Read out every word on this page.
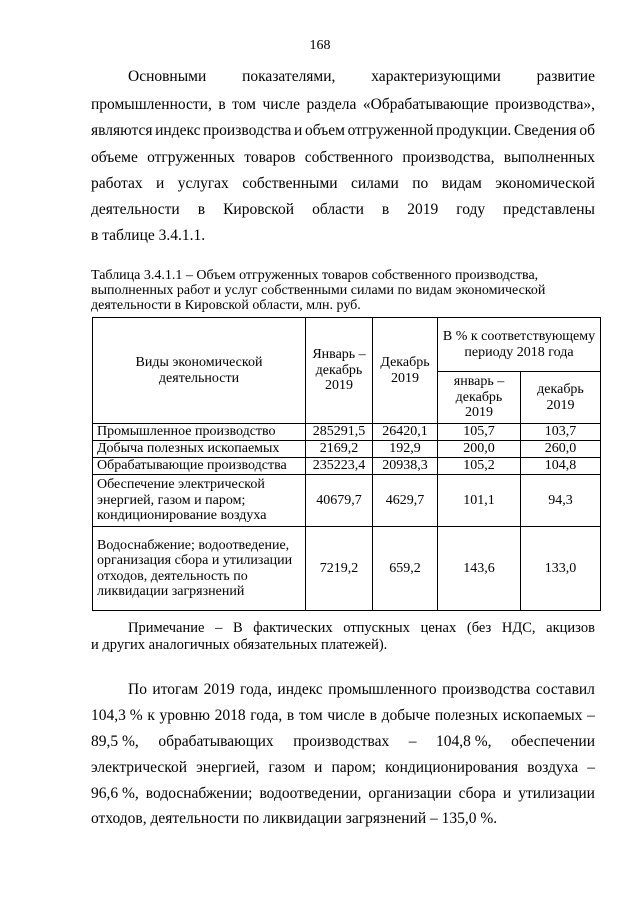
168
Основными показателями, характеризующими развитие
промышленности, в том числе раздела «Обрабатывающие производства»,
являются индекс производства и объем отгруженной продукции. Сведения об
объеме отгруженных товаров собственного производства, выполненных
работах и услугах собственными силами по видам экономической
деятельности в Кировской области в 2019 году представлены
в таблице 3.4.1.1.
Таблица 3.4.1.1 – Объем отгруженных товаров собственного производства,
выполненных работ и услуг собственными силами по видам экономической
деятельности в Кировской области, млн. руб.
Виды экономической деятельности	Январь – декабрь 2019	Декабрь 2019	В % к соответствующему периоду 2018 года	
			январь – декабрь 2019	декабрь 2019
Промышленное производство	285291,5	26420,1	105,7	103,7
Добыча полезных ископаемых	2169,2	192,9	200,0	260,0
Обрабатывающие производства	235223,4	20938,3	105,2	104,8
Обеспечение электрической энергией, газом и паром; кондиционирование воздуха	40679,7	4629,7	101,1	94,3
Водоснабжение; водоотведение, организация сбора и утилизации отходов, деятельность по ликвидации загрязнений	7219,2	659,2	143,6	133,0
Примечание – В фактических отпускных ценах (без НДС, акцизов
и других аналогичных обязательных платежей).
По итогам 2019 года, индекс промышленного производства составил
104,3 % к уровню 2018 года, в том числе в добыче полезных ископаемых –
89,5 %, обрабатывающих производствах – 104,8 %, обеспечении
электрической энергией, газом и паром; кондиционирования воздуха –
96,6 %, водоснабжении; водоотведении, организации сбора и утилизации
отходов, деятельности по ликвидации загрязнений – 135,0 %.
